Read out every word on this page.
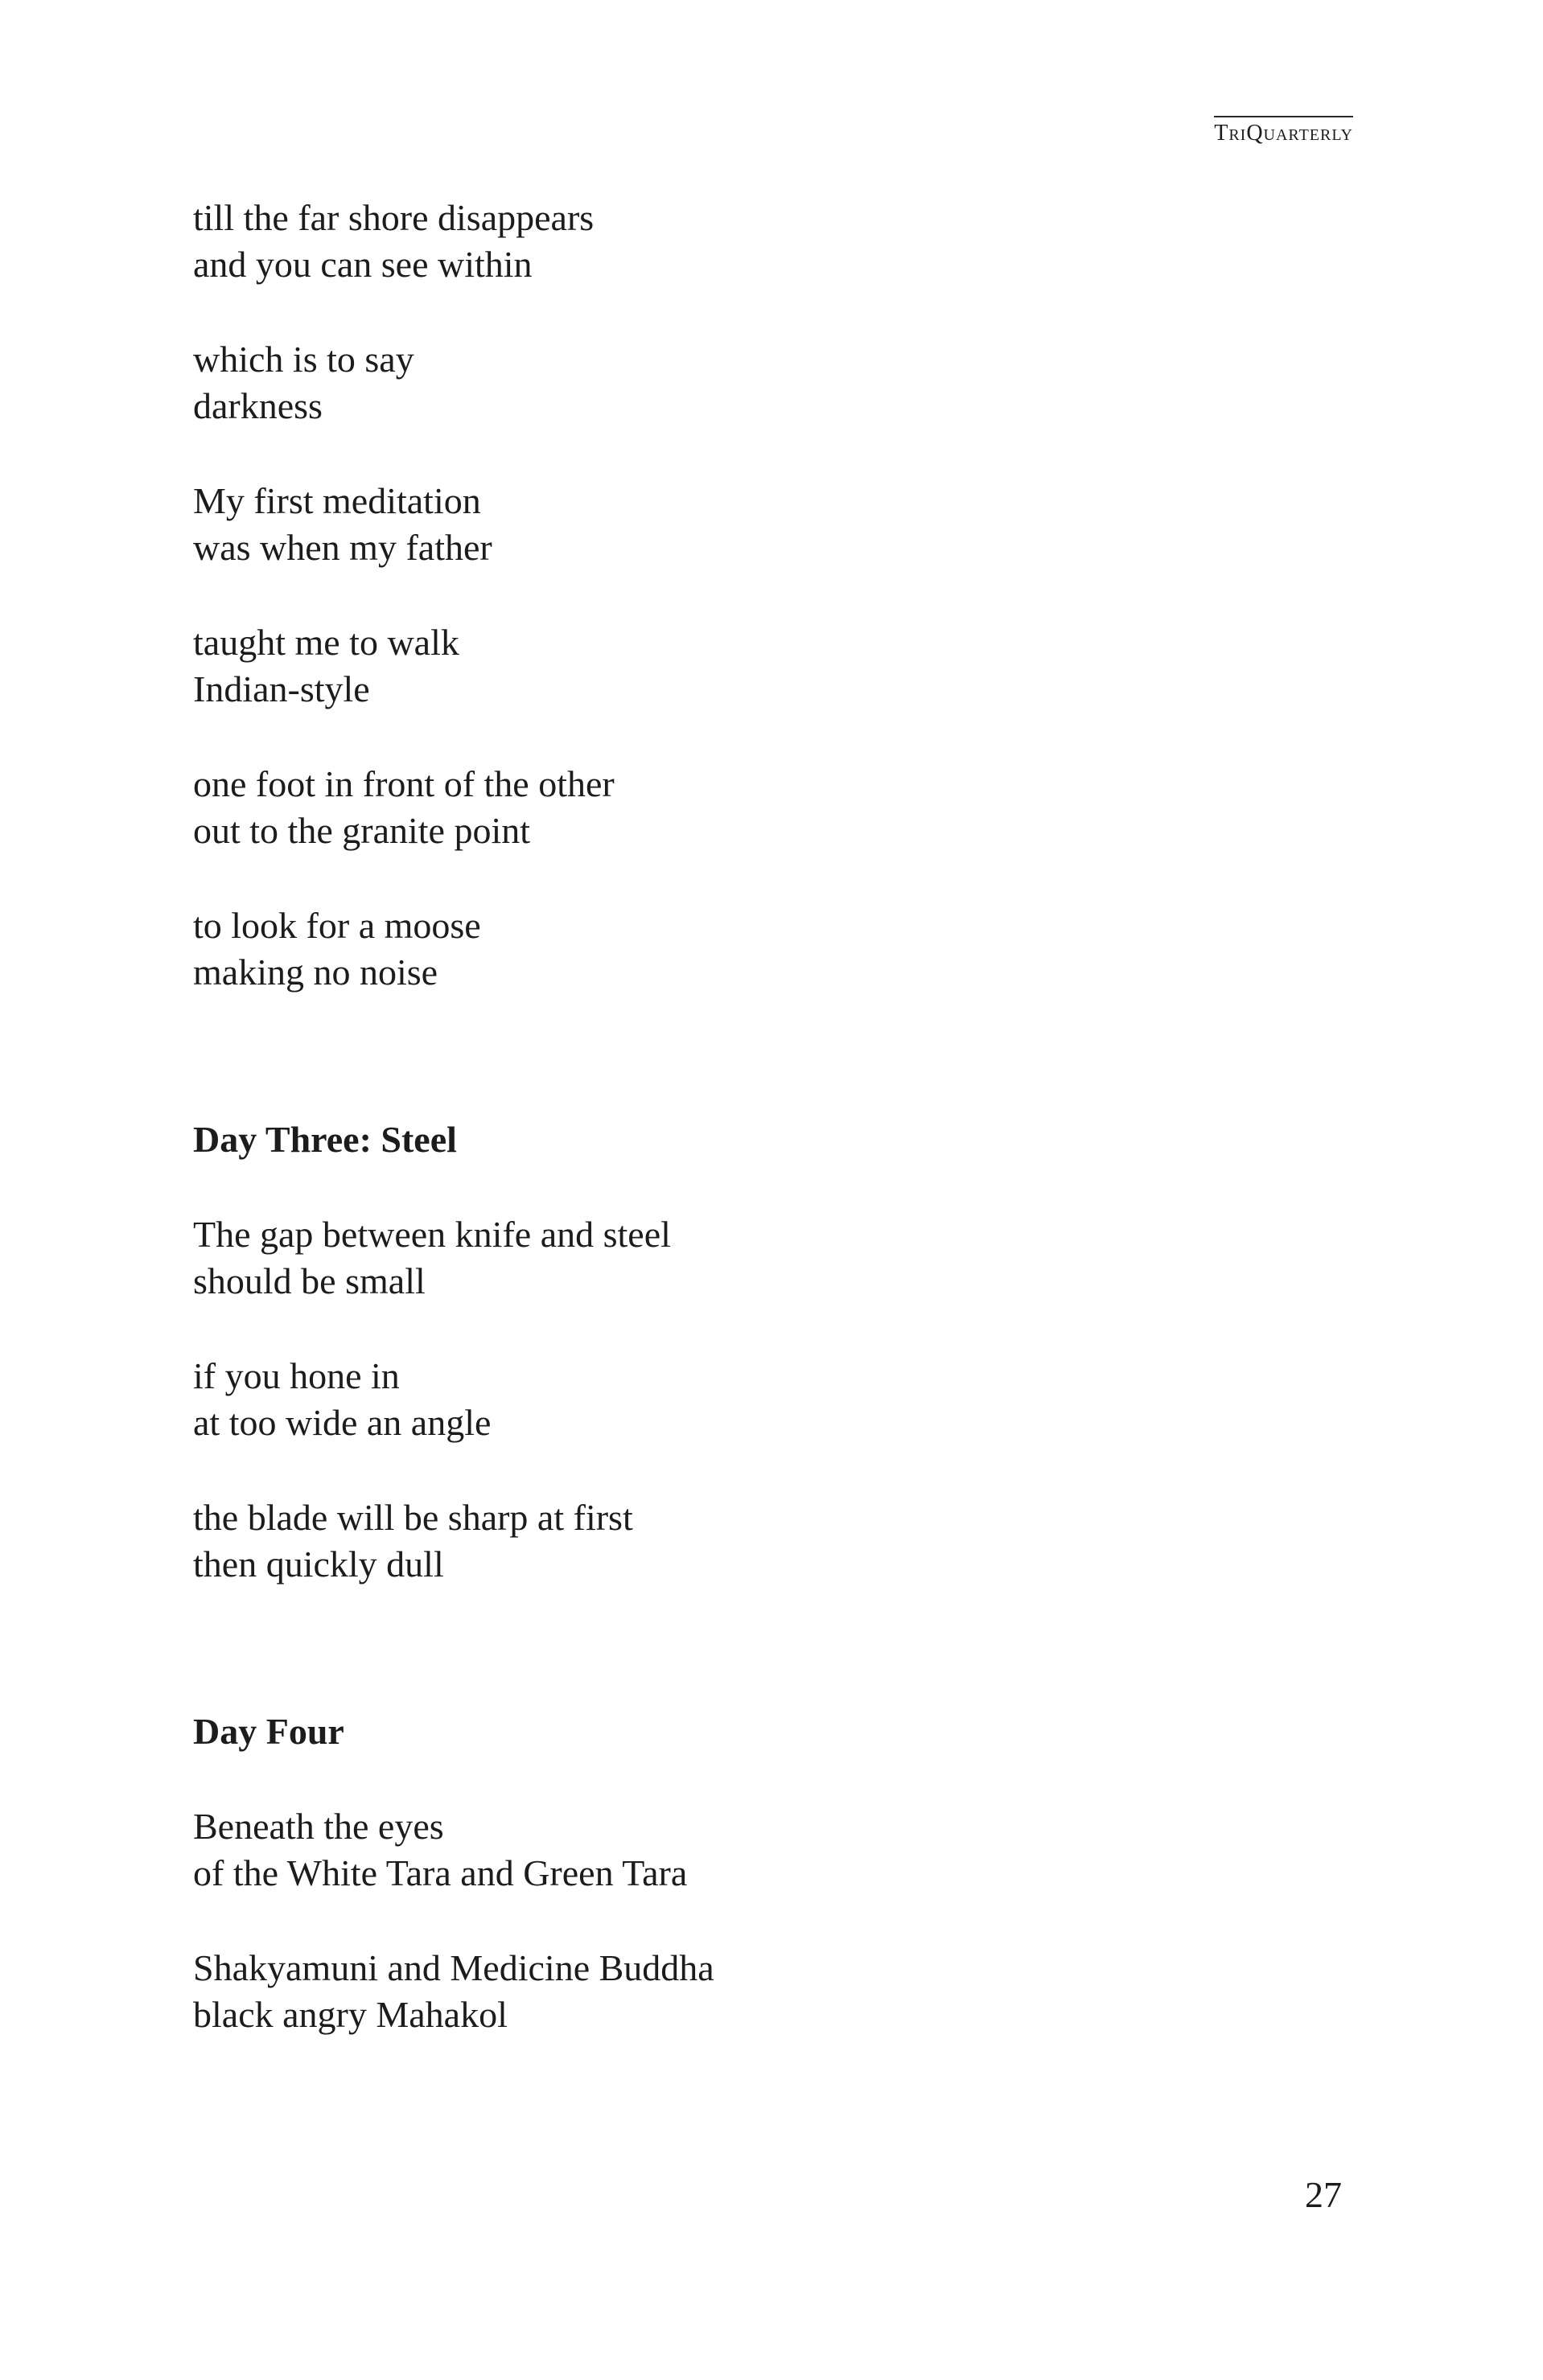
TriQuarterly
till the far shore disappears
and you can see within
which is to say
darkness
My first meditation
was when my father
taught me to walk
Indian-style
one foot in front of the other
out to the granite point
to look for a moose
making no noise
Day Three: Steel
The gap between knife and steel
should be small
if you hone in
at too wide an angle
the blade will be sharp at first
then quickly dull
Day Four
Beneath the eyes
of the White Tara and Green Tara
Shakyamuni and Medicine Buddha
black angry Mahakol
27
